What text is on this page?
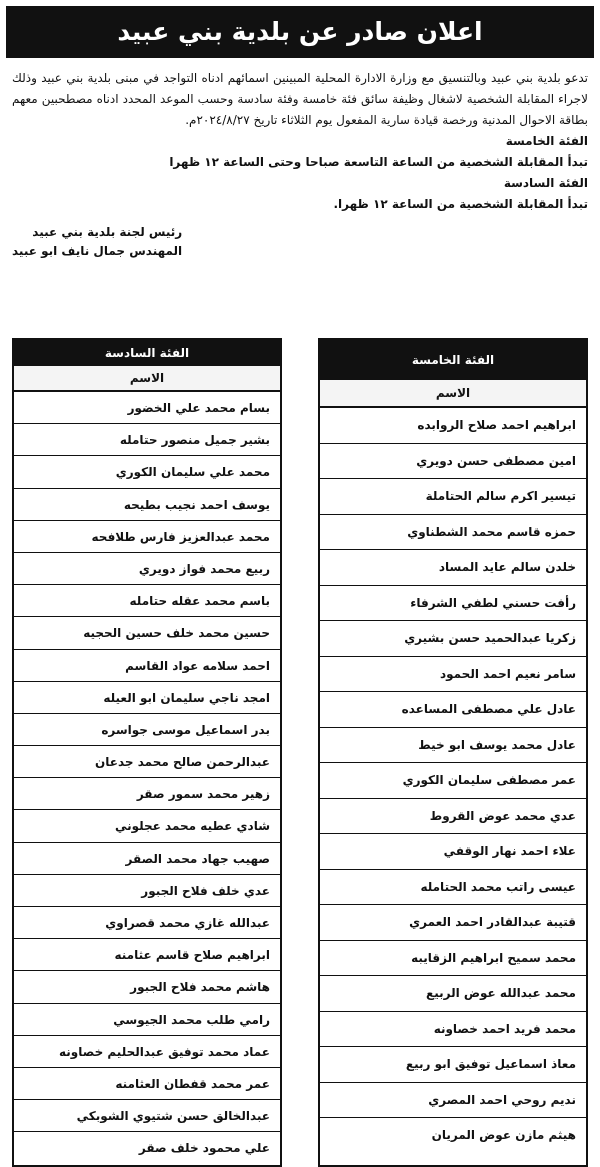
اعلان صادر عن بلدية بني عبيد

تدعو بلدية بني عبيد وبالتنسيق مع وزارة الادارة المحلية المبينين اسمائهم ادناه التواجد في مبنى بلدية بني عبيد وذلك لاجراء المقابلة الشخصية لاشغال وظيفة سائق فئة خامسة وفئة سادسة وحسب الموعد المحدد ادناه مصطحبين معهم بطاقة الاحوال المدنية ورخصة قيادة سارية المفعول يوم الثلاثاء تاريخ ٢٠٢٤/٨/٢٧م.

الفئة الخامسة

تبدأ المقابلة الشخصية من الساعة التاسعة صباحا وحتى الساعة ١٢ ظهرا

الفئة السادسة

تبدأ المقابلة الشخصية من الساعة ١٢ ظهرا.

رئيس لجنة بلدية بني عبيد
المهندس جمال نايف ابو عبيد
الفئة الخامسة
الاسم
ابراهيم احمد صلاح الروابده
امين مصطفى حسن دويري
تيسير اكرم سالم الحتاملة
حمزه قاسم محمد الشطناوي
خلدن سالم عايد المساد
رأفت حسني لطفي الشرفاء
زكريا عبدالحميد حسن بشيري
سامر نعيم احمد الحمود
عادل علي مصطفى المساعده
عادل محمد يوسف ابو خيط
عمر مصطفى سليمان الكوري
عدي محمد عوض القروط
علاء احمد نهار الوقفي
عيسى راتب محمد الحتامله
قتيبة عبدالقادر احمد العمري
محمد سميح ابراهيم الزقايبه
محمد عبدالله عوض الربيع
محمد فريد احمد خصاونه
معاذ اسماعيل توفيق ابو ربيع
نديم روحي احمد المصري
هيثم مازن عوض المريان
الفئة السادسة
الاسم
بسام محمد علي الخضور
بشير جميل منصور حتامله
محمد علي سليمان الكوري
يوسف احمد نجيب بطيحه
محمد عبدالعزيز فارس طلافحه
ربيع محمد فواز دويري
باسم محمد عقله حتامله
حسين محمد خلف حسين الحجيه
احمد سلامه عواد القاسم
امجد ناجي سليمان ابو العيله
بدر اسماعيل موسى جواسره
عبدالرحمن صالح محمد جدعان
زهير محمد سمور صقر
شادي عطيه محمد عجلوني
صهيب جهاد محمد الصقر
عدي خلف فلاح الجبور
عبدالله غازي محمد قصراوي
ابراهيم صلاح قاسم عثامنه
هاشم محمد فلاح الجبور
رامي طلب محمد الجيوسي
عماد محمد توفيق عبدالحليم خصاونه
عمر محمد قفطان العثامنه
عبدالخالق حسن شتيوي الشوبكي
علي محمود خلف صقر
